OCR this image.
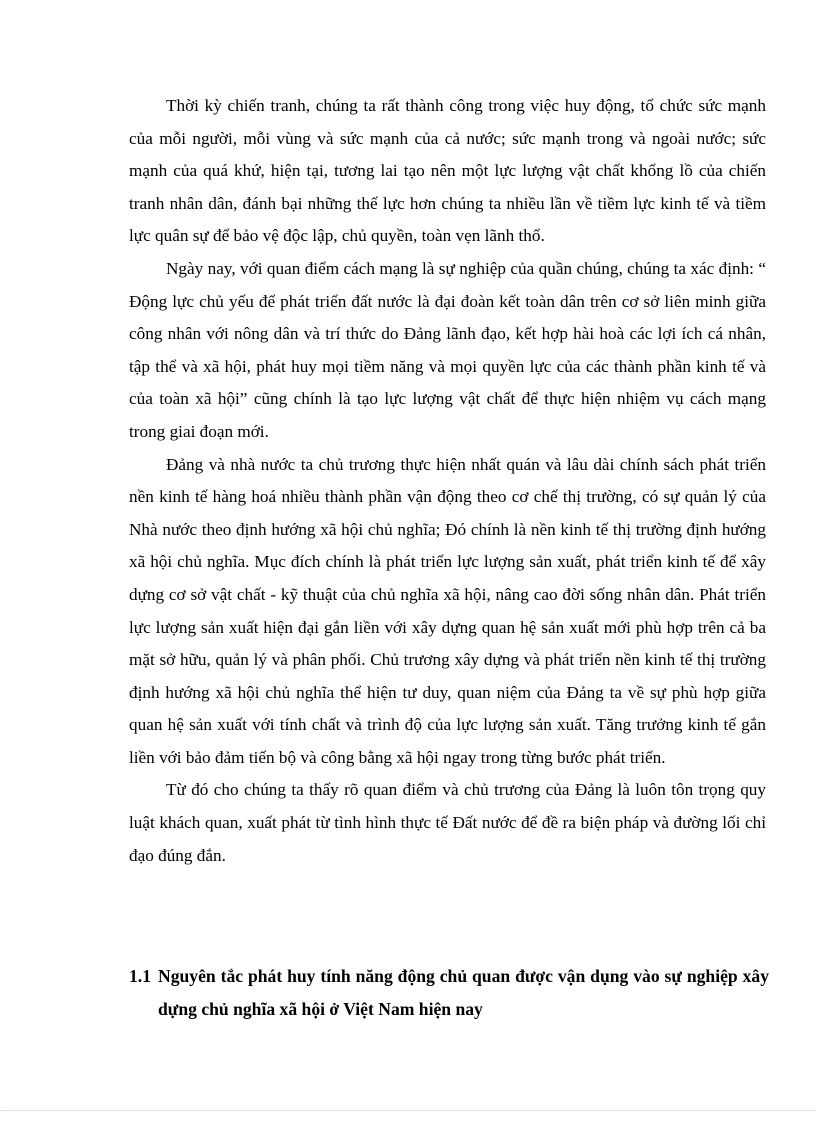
Thời kỳ chiến tranh, chúng ta rất thành công trong việc huy động, tổ chức sức mạnh của mỗi người, mỗi vùng và sức mạnh của cả nước; sức mạnh trong và ngoài nước; sức mạnh của quá khứ, hiện tại, tương lai tạo nên một lực lượng vật chất khổng lồ của chiến tranh nhân dân, đánh bại những thế lực hơn chúng ta nhiều lần về tiềm lực kinh tế và tiềm lực quân sự để bảo vệ độc lập, chủ quyền, toàn vẹn lãnh thổ.

Ngày nay, với quan điểm cách mạng là sự nghiệp của quần chúng, chúng ta xác định: “ Động lực chủ yếu để phát triển đất nước là đại đoàn kết toàn dân trên cơ sở liên minh giữa công nhân với nông dân và trí thức do Đảng lãnh đạo, kết hợp hài hoà các lợi ích cá nhân, tập thể và xã hội, phát huy mọi tiềm năng và mọi quyền lực của các thành phần kinh tế và của toàn xã hội” cũng chính là tạo lực lượng vật chất để thực hiện nhiệm vụ cách mạng trong giai đoạn mới.

Đảng và nhà nước ta chủ trương thực hiện nhất quán và lâu dài chính sách phát triển nền kinh tế hàng hoá nhiều thành phần vận động theo cơ chế thị trường, có sự quản lý của Nhà nước theo định hướng xã hội chủ nghĩa; Đó chính là nền kinh tế thị trường định hướng xã hội chủ nghĩa. Mục đích chính là phát triển lực lượng sản xuất, phát triển kinh tế để xây dựng cơ sở vật chất - kỹ thuật của chủ nghĩa xã hội, nâng cao đời sống nhân dân. Phát triển lực lượng sản xuất hiện đại gắn liền với xây dựng quan hệ sản xuất mới phù hợp trên cả ba mặt sở hữu, quản lý và phân phối. Chủ trương xây dựng và phát triển nền kinh tế thị trường định hướng xã hội chủ nghĩa thể hiện tư duy, quan niệm của Đảng ta về sự phù hợp giữa quan hệ sản xuất với tính chất và trình độ của lực lượng sản xuất. Tăng trưởng kinh tế gắn liền với bảo đảm tiến bộ và công bằng xã hội ngay trong từng bước phát triển.

Từ đó cho chúng ta thấy rõ quan điểm và chủ trương của Đảng là luôn tôn trọng quy luật khách quan, xuất phát từ tình hình thực tế Đất nước để đề ra biện pháp và đường lối chỉ đạo đúng đắn.

1.1 Nguyên tắc phát huy tính năng động chủ quan được vận dụng vào sự nghiệp xây dựng chủ nghĩa xã hội ở Việt Nam hiện nay
